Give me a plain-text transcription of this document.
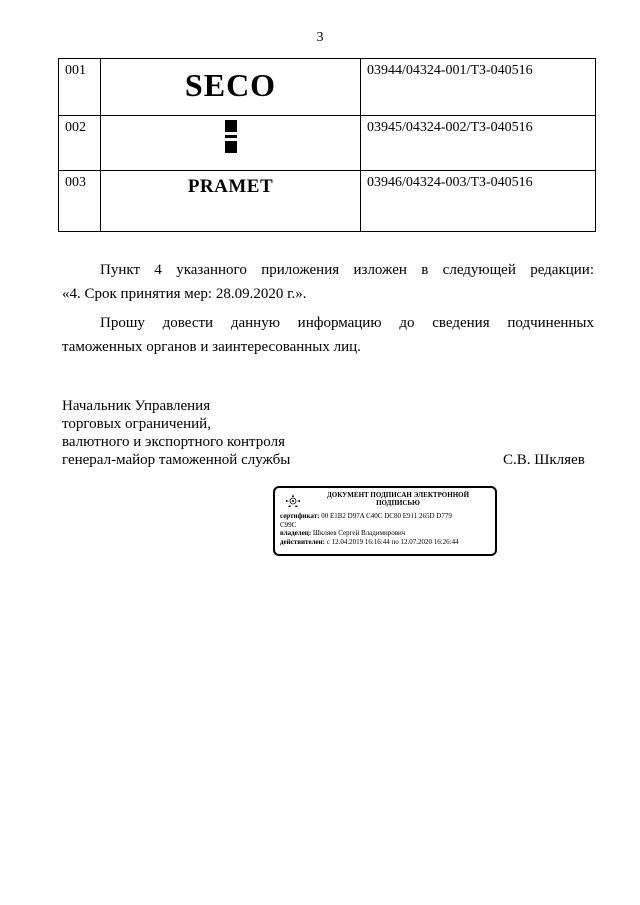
3
001	SECO	03944/04324-001/ТЗ-040516
002		03945/04324-002/ТЗ-040516
003	PRAMET	03946/04324-003/ТЗ-040516
Пункт 4 указанного приложения изложен в следующей редакции:
«4. Срок принятия мер: 28.09.2020 г.».
Прошу довести данную информацию до сведения подчиненных
таможенных органов и заинтересованных лиц.
Начальник Управления
торговых ограничений,
валютного и экспортного контроля
генерал-майор таможенной службы	С.В. Шкляев
ДОКУМЕНТ ПОДПИСАН ЭЛЕКТРОННОЙ
ПОДПИСЬЮ
сертификат: 00 E1B2 D97A C40C DC80 E911 265D D779
C99C
владелец: Шкляев Сергей Владимирович
действителен: с 12.04.2019 16:16:44 по 12.07.2020 16:26:44
